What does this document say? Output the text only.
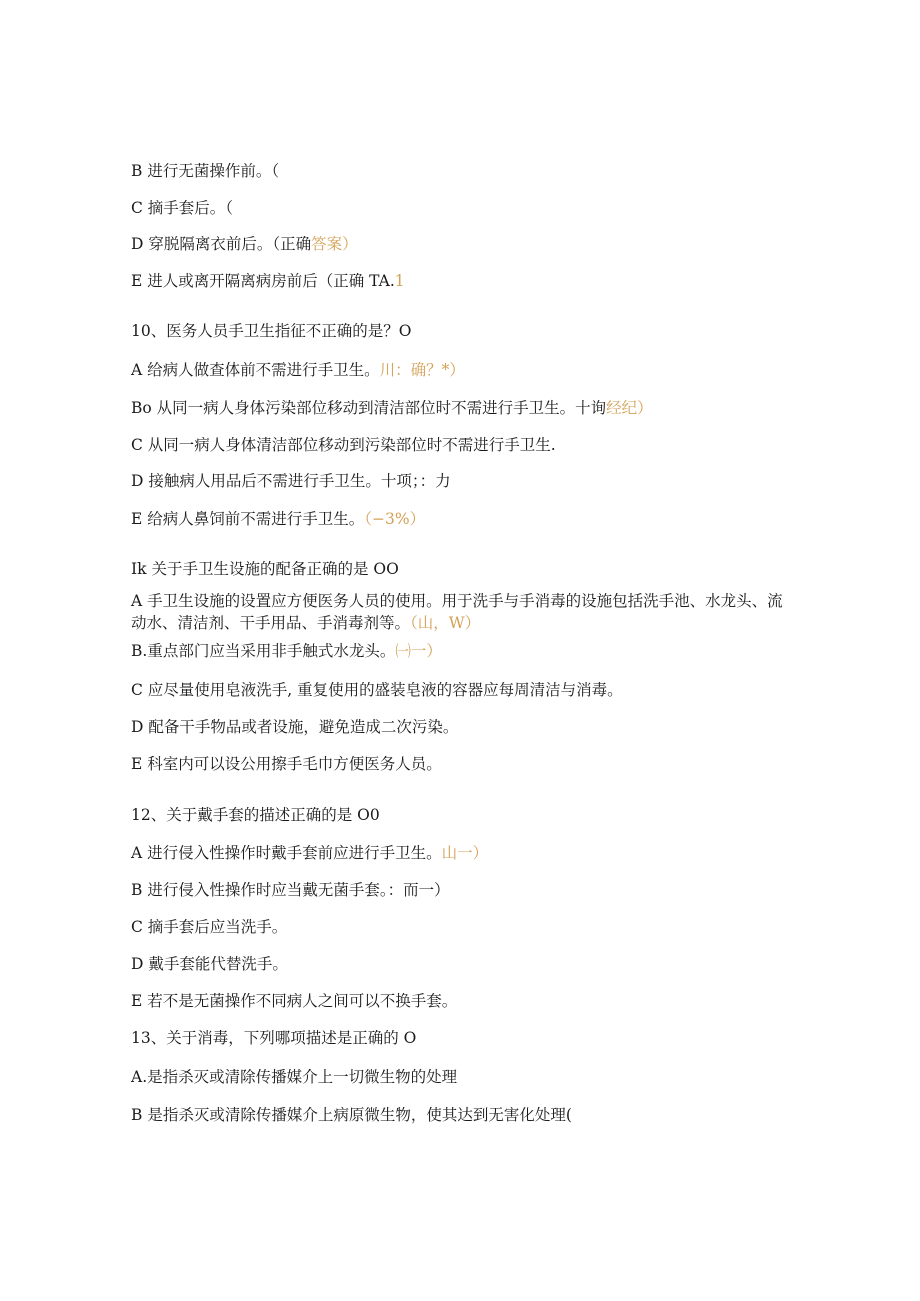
B 进行无菌操作前。（
C 摘手套后。（
D 穿脱隔离衣前后。（正确答案）
E 进人或离开隔离病房前后（正确 TA.1
10、医务人员手卫生指征不正确的是？O
A 给病人做查体前不需进行手卫生。川：确？*）
Bo 从同一病人身体污染部位移动到清洁部位时不需进行手卫生。十询经纪）
C 从同一病人身体清洁部位移动到污染部位时不需进行手卫生.
D 接触病人用品后不需进行手卫生。十项；：力
E 给病人鼻饲前不需进行手卫生。（−3%）
Ik 关于手卫生设施的配备正确的是 OO
A 手卫生设施的设置应方便医务人员的使用。用于洗手与手消毒的设施包括洗手池、水龙头、流动水、清洁剂、干手用品、手消毒剂等。（山，W）
B.重点部门应当采用非手触式水龙头。㈠一）
C 应尽量使用皂液洗手, 重复使用的盛装皂液的容器应每周清洁与消毒。
D 配备干手物品或者设施，避免造成二次污染。
E 科室内可以设公用擦手毛巾方便医务人员。
12、关于戴手套的描述正确的是 O0
A 进行侵入性操作时戴手套前应进行手卫生。山一）
B 进行侵入性操作时应当戴无菌手套。：而一）
C 摘手套后应当洗手。
D 戴手套能代替洗手。
E 若不是无菌操作不同病人之间可以不换手套。
13、关于消毒，下列哪项描述是正确的 O
A.是指杀灭或清除传播媒介上一切微生物的处理
B 是指杀灭或清除传播媒介上病原微生物，使其达到无害化处理(
